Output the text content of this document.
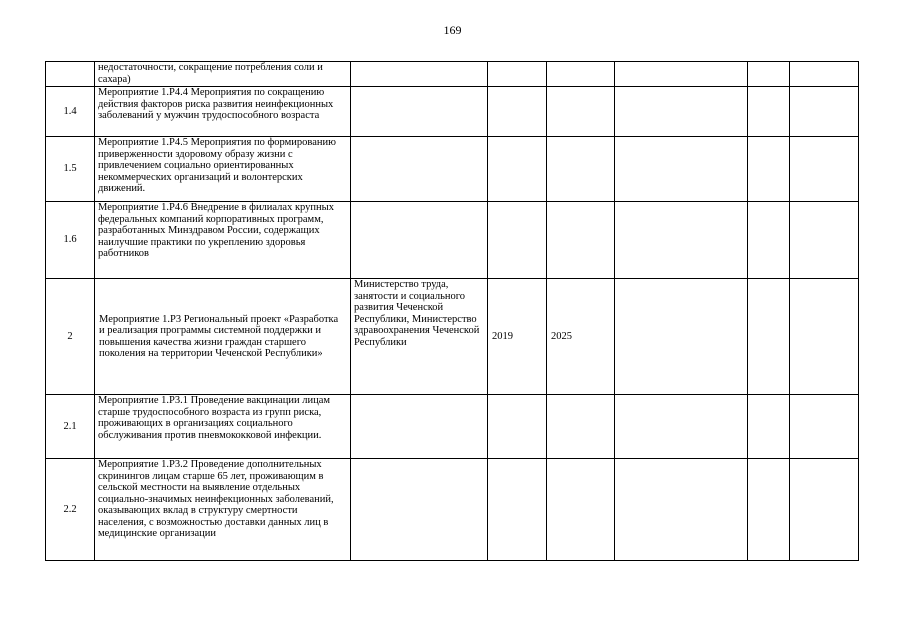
169
	недостаточности, сокращение потребления соли и сахара)						
1.4	Мероприятие 1.Р4.4 Мероприятия по сокращению действия факторов риска развития неинфекционных заболеваний у мужчин трудоспособного возраста						
1.5	Мероприятие 1.Р4.5 Мероприятия по формированию приверженности здоровому образу жизни с привлечением социально ориентированных некоммерческих организаций и волонтерских движений.						
1.6	Мероприятие 1.Р4.6 Внедрение в филиалах крупных федеральных компаний корпоративных программ, разработанных Минздравом России, содержащих наилучшие практики по укреплению здоровья работников						
2	Мероприятие 1.Р3 Региональный проект «Разработка и реализация программы системной поддержки и повышения качества жизни граждан старшего поколения на территории Чеченской Республики»	Министерство труда, занятости и социального развития Чеченской Республики, Министерство здравоохранения Чеченской Республики	2019	2025			
2.1	Мероприятие 1.Р3.1 Проведение вакцинации лицам старше трудоспособного возраста из групп риска, проживающих в организациях социального обслуживания против пневмококковой инфекции.						
2.2	Мероприятие 1.Р3.2 Проведение дополнительных скринингов лицам старше 65 лет, проживающим в сельской местности на выявление отдельных социально-значимых неинфекционных заболеваний, оказывающих вклад в структуру смертности населения, с возможностью доставки данных лиц в медицинские организации						
